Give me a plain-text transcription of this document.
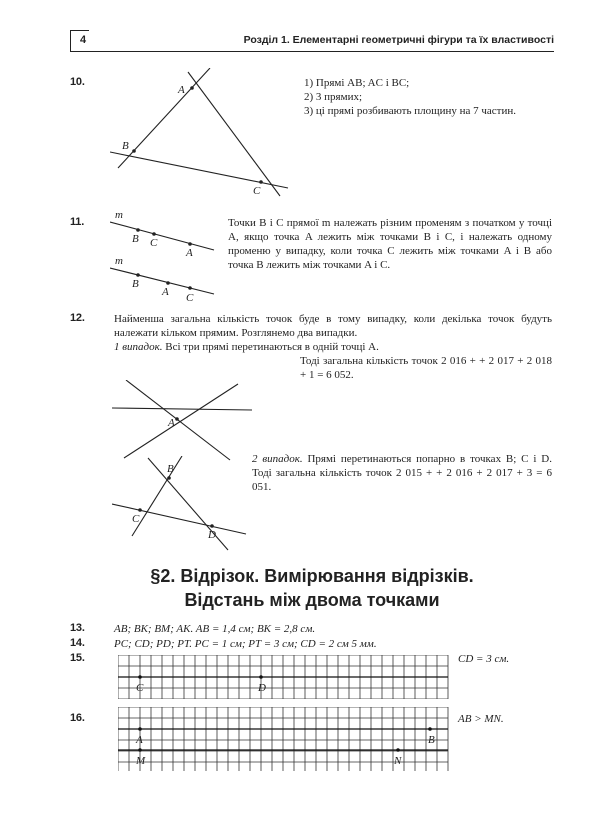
4	Розділ 1. Елементарні геометричні фігури та їх властивості
10.
A
B
C

1) Прямі AB; AC і BC;

2) 3 прямих;

3) ці прямі розбивають площину на 7 частин.

11.
m
B C
A
m
B
A C

Точки B і C прямої m належать різним променям з початком у точці A, якщо точка A лежить між точками B і C, і належать одному променю у випадку, коли точка C лежить між точками A і B або точка B лежить між точками A і C.

12.	Найменша загальна кількість точок буде в тому випадку, коли декілька точок будуть належати кільком прямим. Розглянемо два випадки.

1 випадок. Всі три прямі перетинаються в одній точці A.

Тоді загальна кількість точок 2 016 + + 2 017 + 2 018 + 1 = 6 052.

A

2 випадок. Прямі перетинаються попарно в точках B; C і D. Тоді загальна кількість точок 2 015 + + 2 016 + 2 017 + 3 = 6 051.

B
C
D
§2. Відрізок. Вимірювання відрізків.
Відстань між двома точками
13.	AB; BK; BM; AK. AB = 1,4 см; BK = 2,8 см.

14.	PC; CD; PD; PT. PC = 1 см; PT = 3 см; CD = 2 см 5 мм.

15.
C	D

CD = 3 см.

16.
A	B
M	N

AB > MN.
